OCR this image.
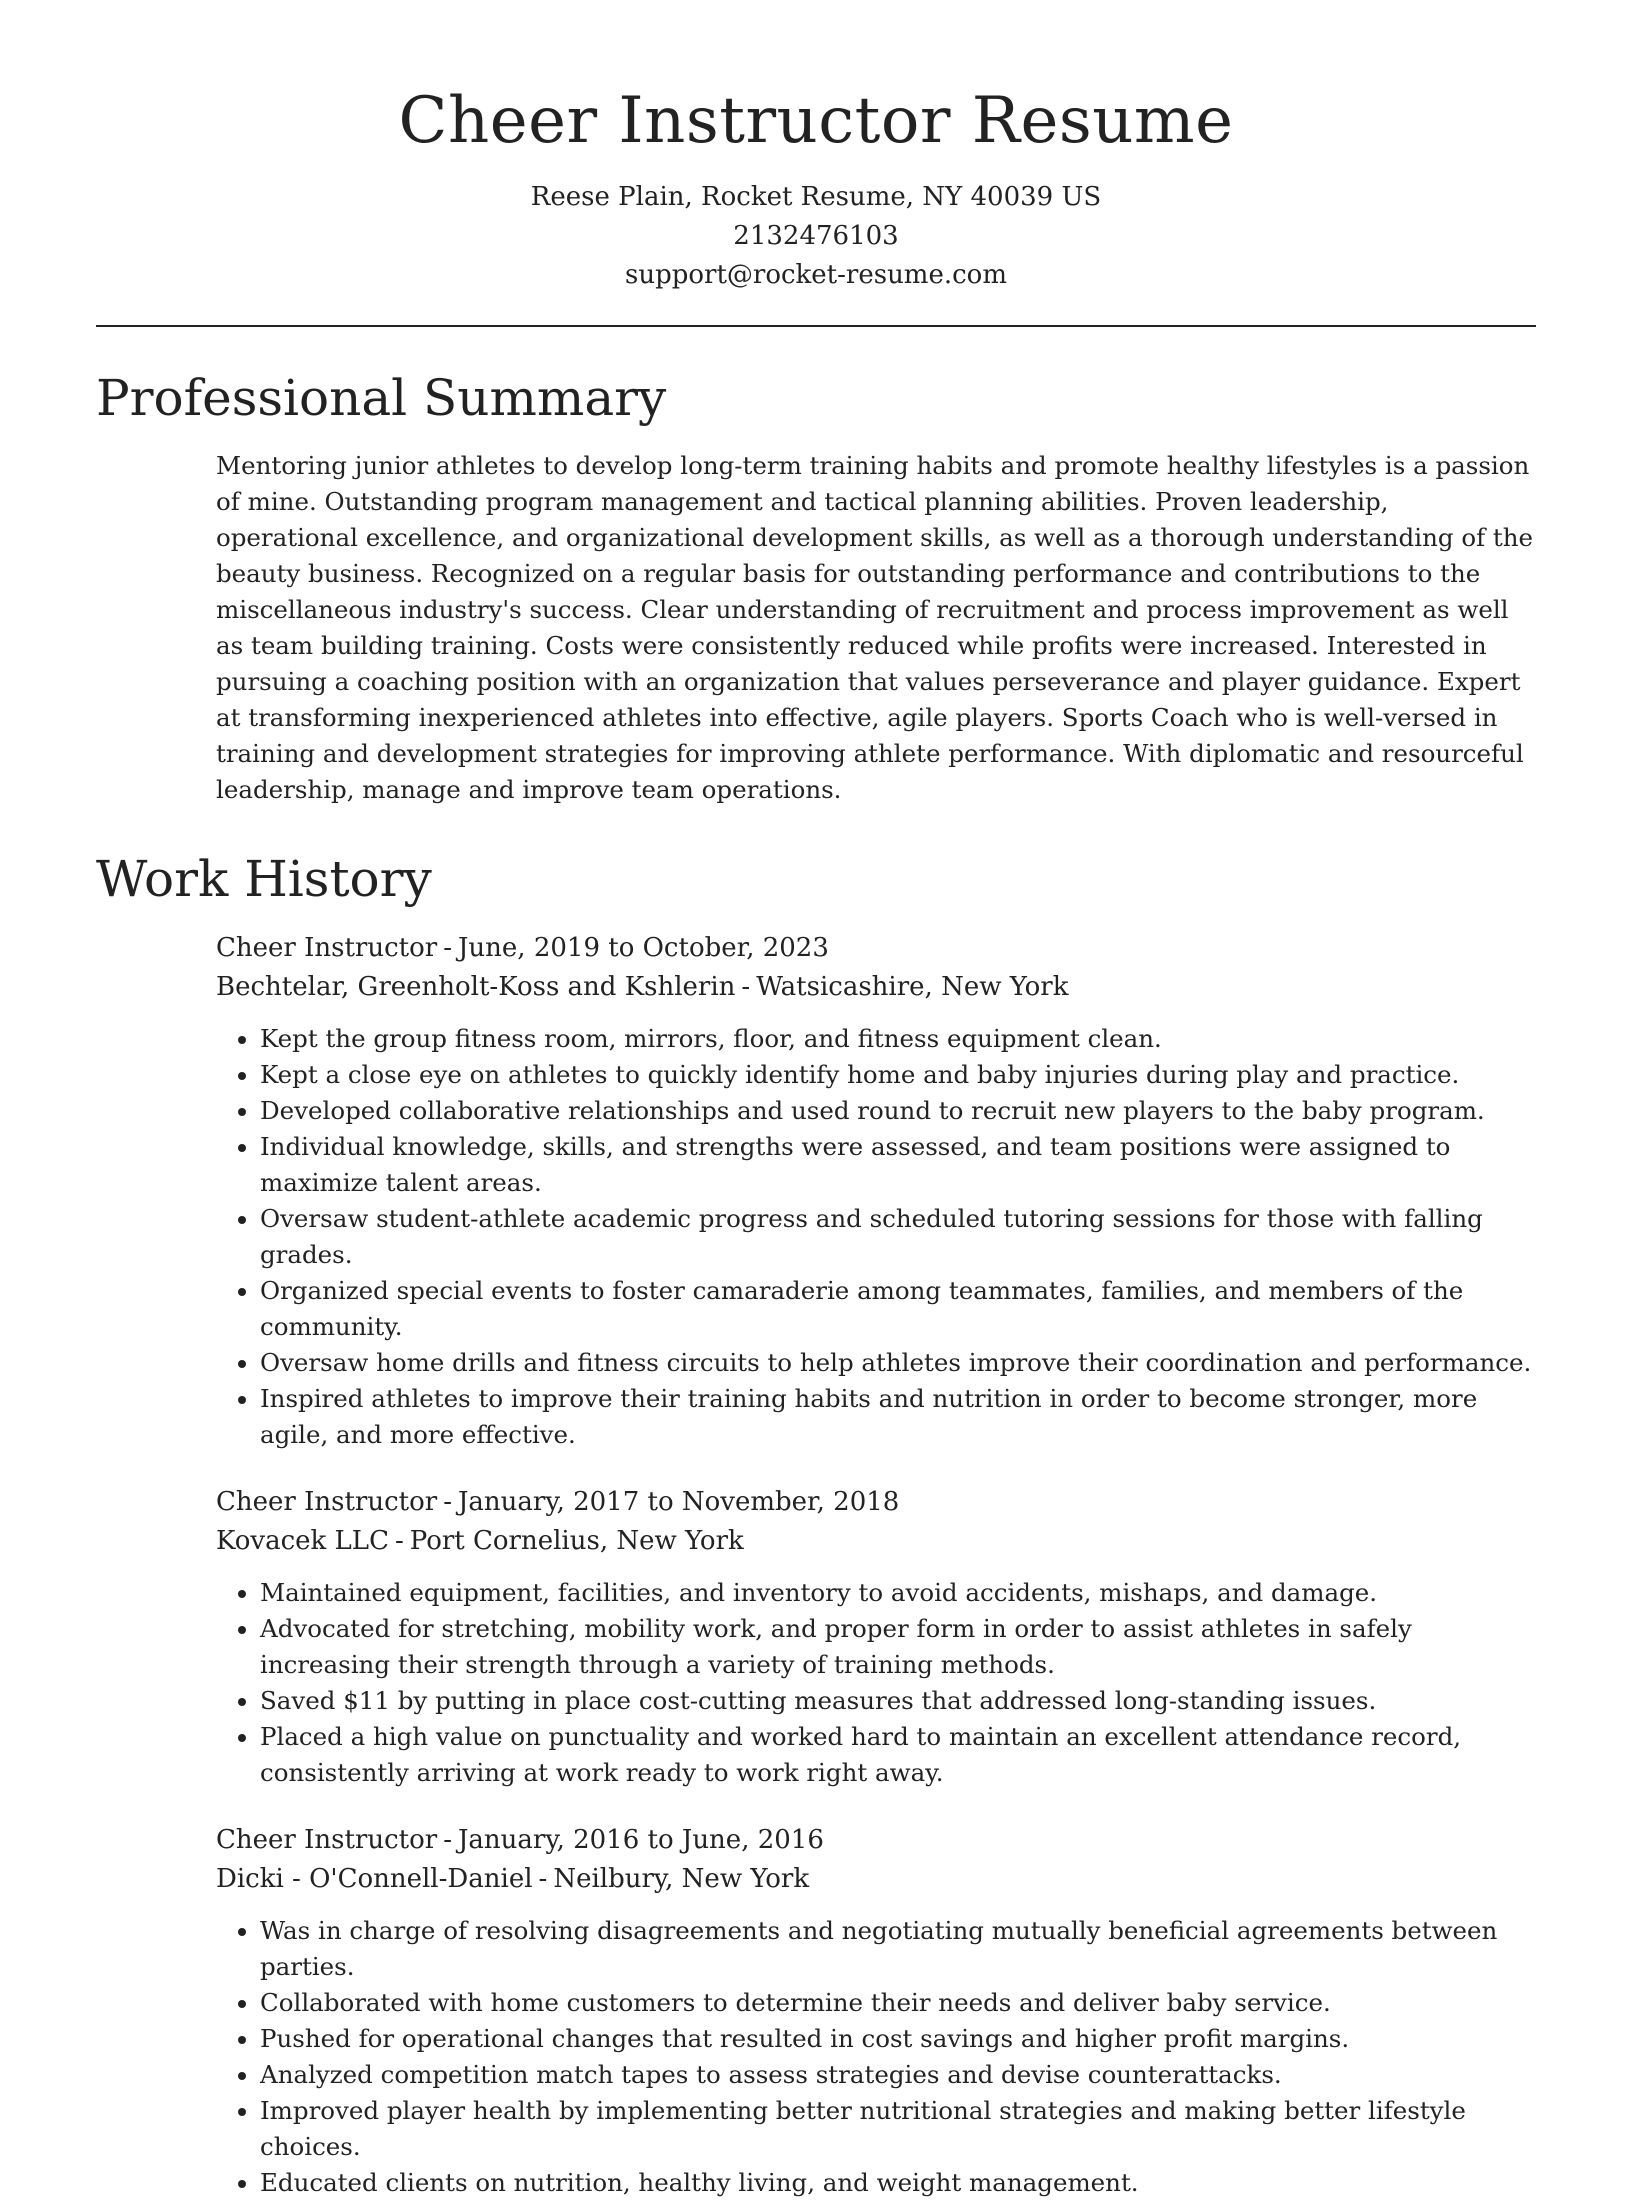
Cheer Instructor Resume
Reese Plain, Rocket Resume, NY 40039 US
2132476103
support@rocket-resume.com
Professional Summary

Mentoring junior athletes to develop long-term training habits and promote healthy lifestyles is a passion of mine. Outstanding program management and tactical planning abilities. Proven leadership, operational excellence, and organizational development skills, as well as a thorough understanding of the beauty business. Recognized on a regular basis for outstanding performance and contributions to the miscellaneous industry's success. Clear understanding of recruitment and process improvement as well as team building training. Costs were consistently reduced while profits were increased. Interested in pursuing a coaching position with an organization that values perseverance and player guidance. Expert at transforming inexperienced athletes into effective, agile players. Sports Coach who is well-versed in training and development strategies for improving athlete performance. With diplomatic and resourceful leadership, manage and improve team operations.

Work History
Cheer Instructor - June, 2019 to October, 2023
Bechtelar, Greenholt-Koss and Kshlerin - Watsicashire, New York
• Kept the group fitness room, mirrors, floor, and fitness equipment clean.
• Kept a close eye on athletes to quickly identify home and baby injuries during play and practice.
• Developed collaborative relationships and used round to recruit new players to the baby program.
• Individual knowledge, skills, and strengths were assessed, and team positions were assigned to maximize talent areas.
• Oversaw student-athlete academic progress and scheduled tutoring sessions for those with falling grades.
• Organized special events to foster camaraderie among teammates, families, and members of the community.
• Oversaw home drills and fitness circuits to help athletes improve their coordination and performance.
• Inspired athletes to improve their training habits and nutrition in order to become stronger, more agile, and more effective.
Cheer Instructor - January, 2017 to November, 2018
Kovacek LLC - Port Cornelius, New York
• Maintained equipment, facilities, and inventory to avoid accidents, mishaps, and damage.
• Advocated for stretching, mobility work, and proper form in order to assist athletes in safely increasing their strength through a variety of training methods.
• Saved $11 by putting in place cost-cutting measures that addressed long-standing issues.
• Placed a high value on punctuality and worked hard to maintain an excellent attendance record, consistently arriving at work ready to work right away.
Cheer Instructor - January, 2016 to June, 2016
Dicki - O'Connell-Daniel - Neilbury, New York
• Was in charge of resolving disagreements and negotiating mutually beneficial agreements between parties.
• Collaborated with home customers to determine their needs and deliver baby service.
• Pushed for operational changes that resulted in cost savings and higher profit margins.
• Analyzed competition match tapes to assess strategies and devise counterattacks.
• Improved player health by implementing better nutritional strategies and making better lifestyle choices.
• Educated clients on nutrition, healthy living, and weight management.
